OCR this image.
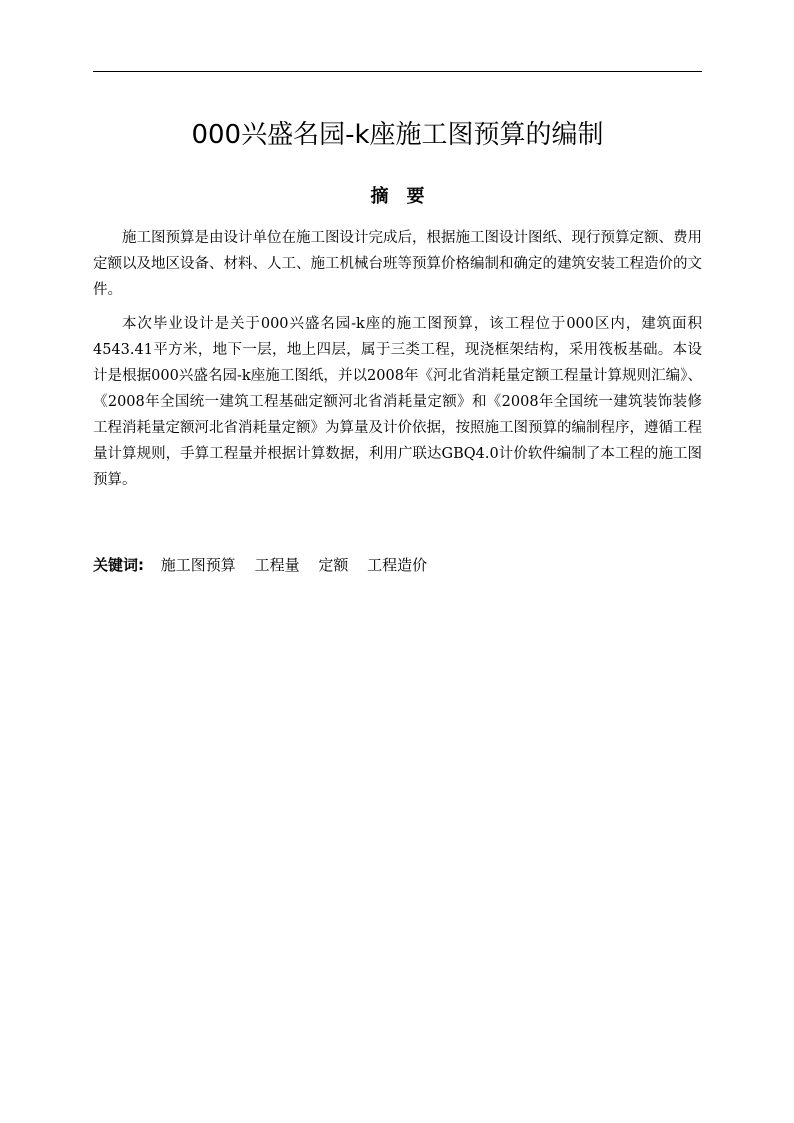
000兴盛名园-k座施工图预算的编制
摘要

施工图预算是由设计单位在施工图设计完成后，根据施工图设计图纸、现行预算定额、费用定额以及地区设备、材料、人工、施工机械台班等预算价格编制和确定的建筑安装工程造价的文件。

本次毕业设计是关于000兴盛名园-k座的施工图预算，该工程位于000区内，建筑面积4543.41平方米，地下一层，地上四层，属于三类工程，现浇框架结构，采用筏板基础。本设计是根据000兴盛名园-k座施工图纸，并以2008年《河北省消耗量定额工程量计算规则汇编》、《2008年全国统一建筑工程基础定额河北省消耗量定额》和《2008年全国统一建筑装饰装修工程消耗量定额河北省消耗量定额》为算量及计价依据，按照施工图预算的编制程序，遵循工程量计算规则，手算工程量并根据计算数据，利用广联达GBQ4.0计价软件编制了本工程的施工图预算。

关键词: 施工图预算 工程量 定额 工程造价
